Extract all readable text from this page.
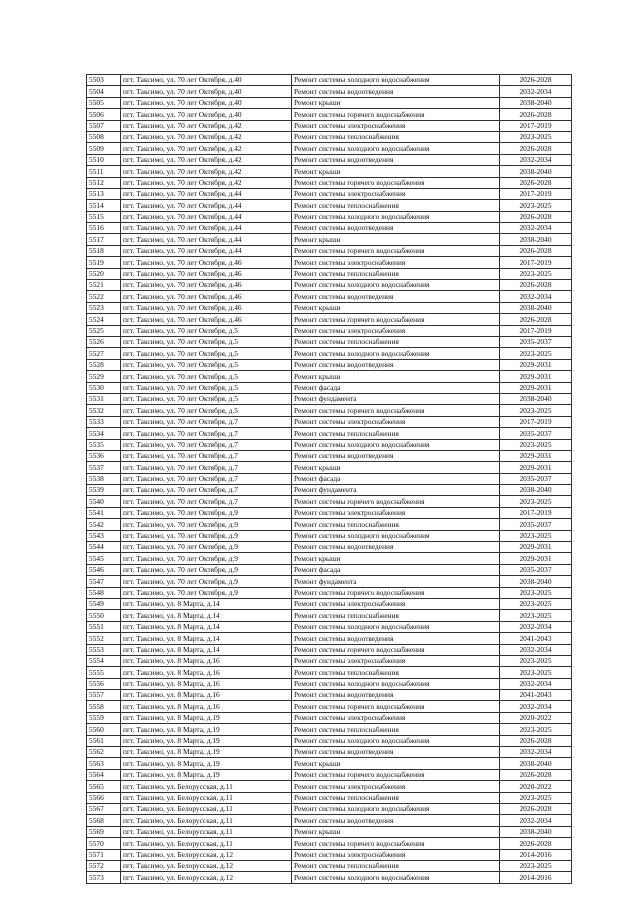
5503	пгт. Таксимо, ул. 70 лет Октября, д.40	Ремонт системы холодного водоснабжения	2026-2028
5504	пгт. Таксимо, ул. 70 лет Октября, д.40	Ремонт системы водоотведения	2032-2034
5505	пгт. Таксимо, ул. 70 лет Октября, д.40	Ремонт крыши	2038-2040
5506	пгт. Таксимо, ул. 70 лет Октября, д.40	Ремонт системы горячего водоснабжения	2026-2028
5507	пгт. Таксимо, ул. 70 лет Октября, д.42	Ремонт системы электроснабжения	2017-2019
5508	пгт. Таксимо, ул. 70 лет Октября, д.42	Ремонт системы теплоснабжения	2023-2025
5509	пгт. Таксимо, ул. 70 лет Октября, д.42	Ремонт системы холодного водоснабжения	2026-2028
5510	пгт. Таксимо, ул. 70 лет Октября, д.42	Ремонт системы водоотведения	2032-2034
5511	пгт. Таксимо, ул. 70 лет Октября, д.42	Ремонт крыши	2038-2040
5512	пгт. Таксимо, ул. 70 лет Октября, д.42	Ремонт системы горячего водоснабжения	2026-2028
5513	пгт. Таксимо, ул. 70 лет Октября, д.44	Ремонт системы электроснабжения	2017-2019
5514	пгт. Таксимо, ул. 70 лет Октября, д.44	Ремонт системы теплоснабжения	2023-2025
5515	пгт. Таксимо, ул. 70 лет Октября, д.44	Ремонт системы холодного водоснабжения	2026-2028
5516	пгт. Таксимо, ул. 70 лет Октября, д.44	Ремонт системы водоотведения	2032-2034
5517	пгт. Таксимо, ул. 70 лет Октября, д.44	Ремонт крыши	2038-2040
5518	пгт. Таксимо, ул. 70 лет Октября, д.44	Ремонт системы горячего водоснабжения	2026-2028
5519	пгт. Таксимо, ул. 70 лет Октября, д.46	Ремонт системы электроснабжения	2017-2019
5520	пгт. Таксимо, ул. 70 лет Октября, д.46	Ремонт системы теплоснабжения	2023-2025
5521	пгт. Таксимо, ул. 70 лет Октября, д.46	Ремонт системы холодного водоснабжения	2026-2028
5522	пгт. Таксимо, ул. 70 лет Октября, д.46	Ремонт системы водоотведения	2032-2034
5523	пгт. Таксимо, ул. 70 лет Октября, д.46	Ремонт крыши	2038-2040
5524	пгт. Таксимо, ул. 70 лет Октября, д.46	Ремонт системы горячего водоснабжения	2026-2028
5525	пгт. Таксимо, ул. 70 лет Октября, д.5	Ремонт системы электроснабжения	2017-2019
5526	пгт. Таксимо, ул. 70 лет Октября, д.5	Ремонт системы теплоснабжения	2035-2037
5527	пгт. Таксимо, ул. 70 лет Октября, д.5	Ремонт системы холодного водоснабжения	2023-2025
5528	пгт. Таксимо, ул. 70 лет Октября, д.5	Ремонт системы водоотведения	2029-2031
5529	пгт. Таксимо, ул. 70 лет Октября, д.5	Ремонт крыши	2029-2031
5530	пгт. Таксимо, ул. 70 лет Октября, д.5	Ремонт фасада	2029-2031
5531	пгт. Таксимо, ул. 70 лет Октября, д.5	Ремонт фундамента	2038-2040
5532	пгт. Таксимо, ул. 70 лет Октября, д.5	Ремонт системы горячего водоснабжения	2023-2025
5533	пгт. Таксимо, ул. 70 лет Октября, д.7	Ремонт системы электроснабжения	2017-2019
5534	пгт. Таксимо, ул. 70 лет Октября, д.7	Ремонт системы теплоснабжения	2035-2037
5535	пгт. Таксимо, ул. 70 лет Октября, д.7	Ремонт системы холодного водоснабжения	2023-2025
5536	пгт. Таксимо, ул. 70 лет Октября, д.7	Ремонт системы водоотведения	2029-2031
5537	пгт. Таксимо, ул. 70 лет Октября, д.7	Ремонт крыши	2029-2031
5538	пгт. Таксимо, ул. 70 лет Октября, д.7	Ремонт фасада	2035-2037
5539	пгт. Таксимо, ул. 70 лет Октября, д.7	Ремонт фундамента	2038-2040
5540	пгт. Таксимо, ул. 70 лет Октября, д.7	Ремонт системы горячего водоснабжения	2023-2025
5541	пгт. Таксимо, ул. 70 лет Октября, д.9	Ремонт системы электроснабжения	2017-2019
5542	пгт. Таксимо, ул. 70 лет Октября, д.9	Ремонт системы теплоснабжения	2035-2037
5543	пгт. Таксимо, ул. 70 лет Октября, д.9	Ремонт системы холодного водоснабжения	2023-2025
5544	пгт. Таксимо, ул. 70 лет Октября, д.9	Ремонт системы водоотведения	2029-2031
5545	пгт. Таксимо, ул. 70 лет Октября, д.9	Ремонт крыши	2029-2031
5546	пгт. Таксимо, ул. 70 лет Октября, д.9	Ремонт фасада	2035-2037
5547	пгт. Таксимо, ул. 70 лет Октября, д.9	Ремонт фундамента	2038-2040
5548	пгт. Таксимо, ул. 70 лет Октября, д.9	Ремонт системы горячего водоснабжения	2023-2025
5549	пгт. Таксимо, ул. 8 Марта, д.14	Ремонт системы электроснабжения	2023-2025
5550	пгт. Таксимо, ул. 8 Марта, д.14	Ремонт системы теплоснабжения	2023-2025
5551	пгт. Таксимо, ул. 8 Марта, д.14	Ремонт системы холодного водоснабжения	2032-2034
5552	пгт. Таксимо, ул. 8 Марта, д.14	Ремонт системы водоотведения	2041-2043
5553	пгт. Таксимо, ул. 8 Марта, д.14	Ремонт системы горячего водоснабжения	2032-2034
5554	пгт. Таксимо, ул. 8 Марта, д.16	Ремонт системы электроснабжения	2023-2025
5555	пгт. Таксимо, ул. 8 Марта, д.16	Ремонт системы теплоснабжения	2023-2025
5556	пгт. Таксимо, ул. 8 Марта, д.16	Ремонт системы холодного водоснабжения	2032-2034
5557	пгт. Таксимо, ул. 8 Марта, д.16	Ремонт системы водоотведения	2041-2043
5558	пгт. Таксимо, ул. 8 Марта, д.16	Ремонт системы горячего водоснабжения	2032-2034
5559	пгт. Таксимо, ул. 8 Марта, д.19	Ремонт системы электроснабжения	2020-2022
5560	пгт. Таксимо, ул. 8 Марта, д.19	Ремонт системы теплоснабжения	2023-2025
5561	пгт. Таксимо, ул. 8 Марта, д.19	Ремонт системы холодного водоснабжения	2026-2028
5562	пгт. Таксимо, ул. 8 Марта, д.19	Ремонт системы водоотведения	2032-2034
5563	пгт. Таксимо, ул. 8 Марта, д.19	Ремонт крыши	2038-2040
5564	пгт. Таксимо, ул. 8 Марта, д.19	Ремонт системы горячего водоснабжения	2026-2028
5565	пгт. Таксимо, ул. Белорусская, д.11	Ремонт системы электроснабжения	2020-2022
5566	пгт. Таксимо, ул. Белорусская, д.11	Ремонт системы теплоснабжения	2023-2025
5567	пгт. Таксимо, ул. Белорусская, д.11	Ремонт системы холодного водоснабжения	2026-2028
5568	пгт. Таксимо, ул. Белорусская, д.11	Ремонт системы водоотведения	2032-2034
5569	пгт. Таксимо, ул. Белорусская, д.11	Ремонт крыши	2038-2040
5570	пгт. Таксимо, ул. Белорусская, д.11	Ремонт системы горячего водоснабжения	2026-2028
5571	пгт. Таксимо, ул. Белорусская, д.12	Ремонт системы электроснабжения	2014-2016
5572	пгт. Таксимо, ул. Белорусская, д.12	Ремонт системы теплоснабжения	2023-2025
5573	пгт. Таксимо, ул. Белорусская, д.12	Ремонт системы холодного водоснабжения	2014-2016
